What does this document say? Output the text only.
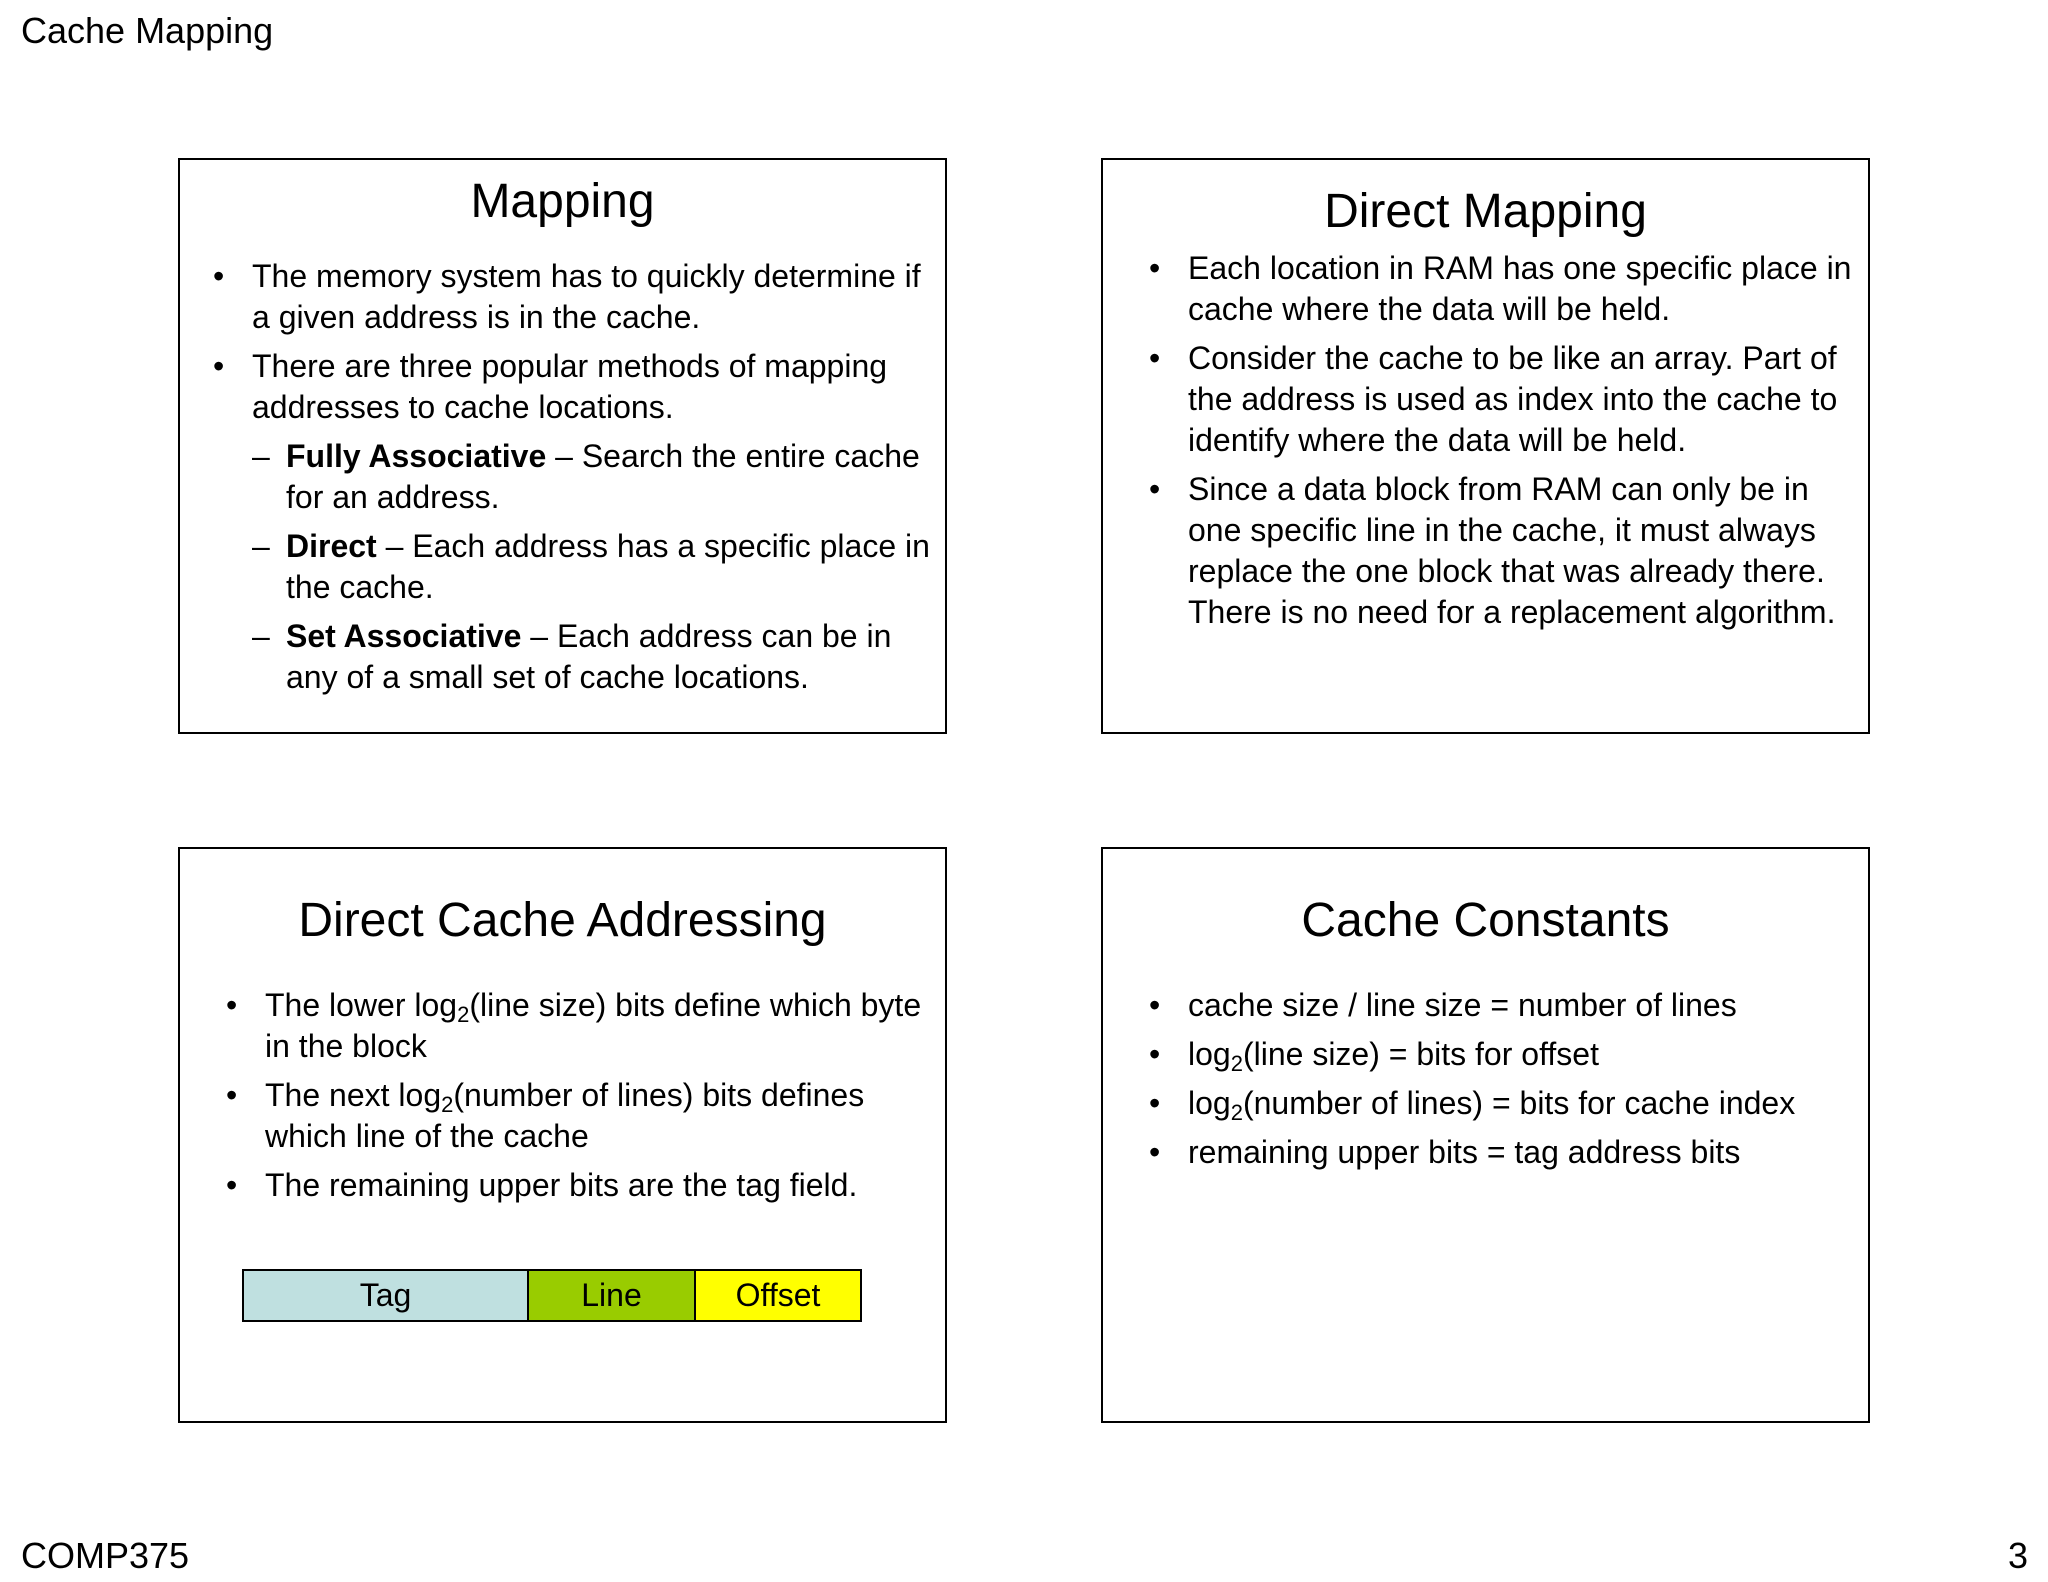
Cache Mapping
Mapping
• The memory system has to quickly determine if a given address is in the cache.
• There are three popular methods of mapping addresses to cache locations.
– Fully Associative – Search the entire cache for an address.
– Direct – Each address has a specific place in the cache.
– Set Associative – Each address can be in any of a small set of cache locations.
Direct Mapping
• Each location in RAM has one specific place in cache where the data will be held.
• Consider the cache to be like an array. Part of the address is used as index into the cache to identify where the data will be held.
• Since a data block from RAM can only be in one specific line in the cache, it must always replace the one block that was already there. There is no need for a replacement algorithm.
Direct Cache Addressing
• The lower $\log_2(line$ size) bits define which byte in the block
• The next $\log_2(number$ of lines) bits defines which line of the cache
• The remaining upper bits are the tag field.
Tag	Line	Offset
Cache Constants
• cache size / line size = number of lines
• $\log_2(line$ size) = bits for offset
• $\log_2(number$ of lines) = bits for cache index
• remaining upper bits = tag address bits
COMP375	3
